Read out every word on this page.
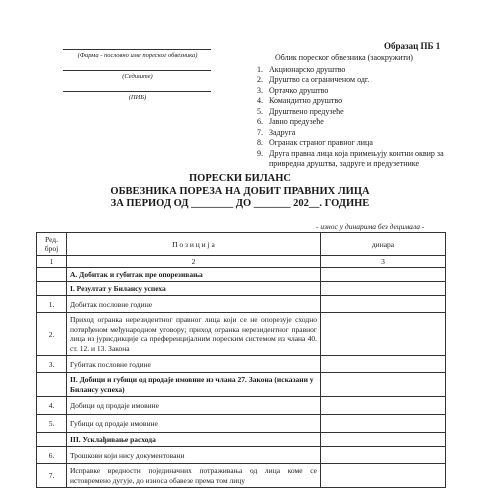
Образац ПБ 1
(Фирма - пословно име пореског обвезника)
(Седиште)
(ПИБ)
Облик пореског обвезника (заокружити)
1. Акционарско друштво
2. Друштво са ограниченом одг.
3. Ортачко друштво
4. Командитно друштво
5. Друштвено предузеће
6. Јавно предузеће
7. Задруга
8. Огранак страног правног лица
9. Друга правна лица која примењују контни оквир за привредна друштва, задруге и предузетнике
ПОРЕСКИ БИЛАНС
ОБВЕЗНИКА ПОРЕЗА НА ДОБИТ ПРАВНИХ ЛИЦА
ЗА ПЕРИОД ОД ________ ДО _______ 202__. ГОДИНЕ
- износ у динарима без децимала -
Ред. број	П о з и ц и ј а	динара
1	2	3
	А. Добитак и губитак пре опорезивања	
	I. Резултат у Билансу успеха	
1.	Добитак пословне године	
2.	Приход огранка нерезидентног правног лица који се не опорезује сходно потврђеном међународном уговору; приход огранка нерезидентног правног лица из јурисдикције са преференцијалним пореским системом из члана 40. ст. 12. и 13. Закона	
3.	Губитак пословне године	
	II. Добици и губици од продаје имовине из члана 27. Закона (исказани у Билансу успеха)	
4.	Добици од продаје имовине	
5.	Губици од продаје имовине	
	III. Усклађивање расхода	
6.	Трошкови који нису документовани	
7.	Исправке вредности појединачних потраживања од лица коме се истовремено дугује, до износа обавезе према том лицу	
